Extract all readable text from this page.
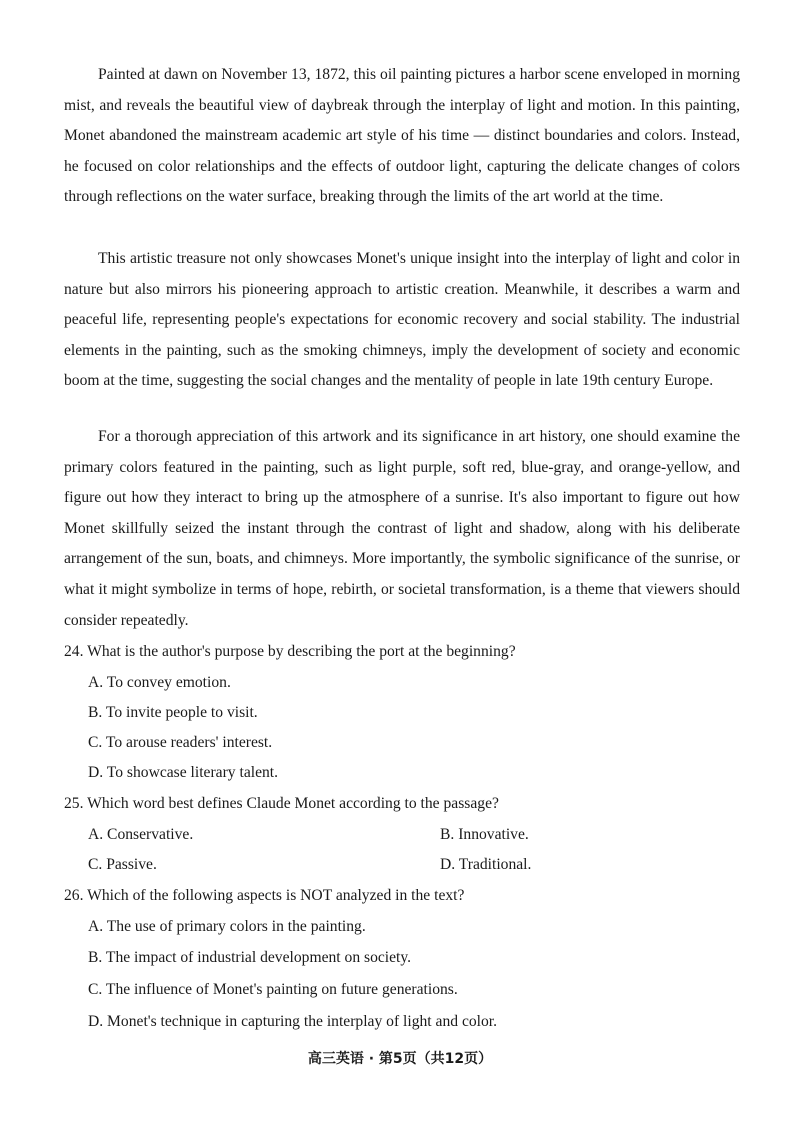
Painted at dawn on November 13, 1872, this oil painting pictures a harbor scene enveloped in morning mist, and reveals the beautiful view of daybreak through the interplay of light and motion. In this painting, Monet abandoned the mainstream academic art style of his time — distinct boundaries and colors. Instead, he focused on color relationships and the effects of outdoor light, capturing the delicate changes of colors through reflections on the water surface, breaking through the limits of the art world at the time.

This artistic treasure not only showcases Monet's unique insight into the interplay of light and color in nature but also mirrors his pioneering approach to artistic creation. Meanwhile, it describes a warm and peaceful life, representing people's expectations for economic recovery and social stability. The industrial elements in the painting, such as the smoking chimneys, imply the development of society and economic boom at the time, suggesting the social changes and the mentality of people in late 19th century Europe.

For a thorough appreciation of this artwork and its significance in art history, one should examine the primary colors featured in the painting, such as light purple, soft red, blue-gray, and orange-yellow, and figure out how they interact to bring up the atmosphere of a sunrise. It's also important to figure out how Monet skillfully seized the instant through the contrast of light and shadow, along with his deliberate arrangement of the sun, boats, and chimneys. More importantly, the symbolic significance of the sunrise, or what it might symbolize in terms of hope, rebirth, or societal transformation, is a theme that viewers should consider repeatedly.

24. What is the author's purpose by describing the port at the beginning?

A. To convey emotion.
B. To invite people to visit.
C. To arouse readers' interest.
D. To showcase literary talent.

25. Which word best defines Claude Monet according to the passage?

A. Conservative.	B. Innovative.
C. Passive.	D. Traditional.

26. Which of the following aspects is NOT analyzed in the text?

A. The use of primary colors in the painting.
B. The impact of industrial development on society.
C. The influence of Monet's painting on future generations.
D. Monet's technique in capturing the interplay of light and color.
高三英语 · 第5页（共12页）
